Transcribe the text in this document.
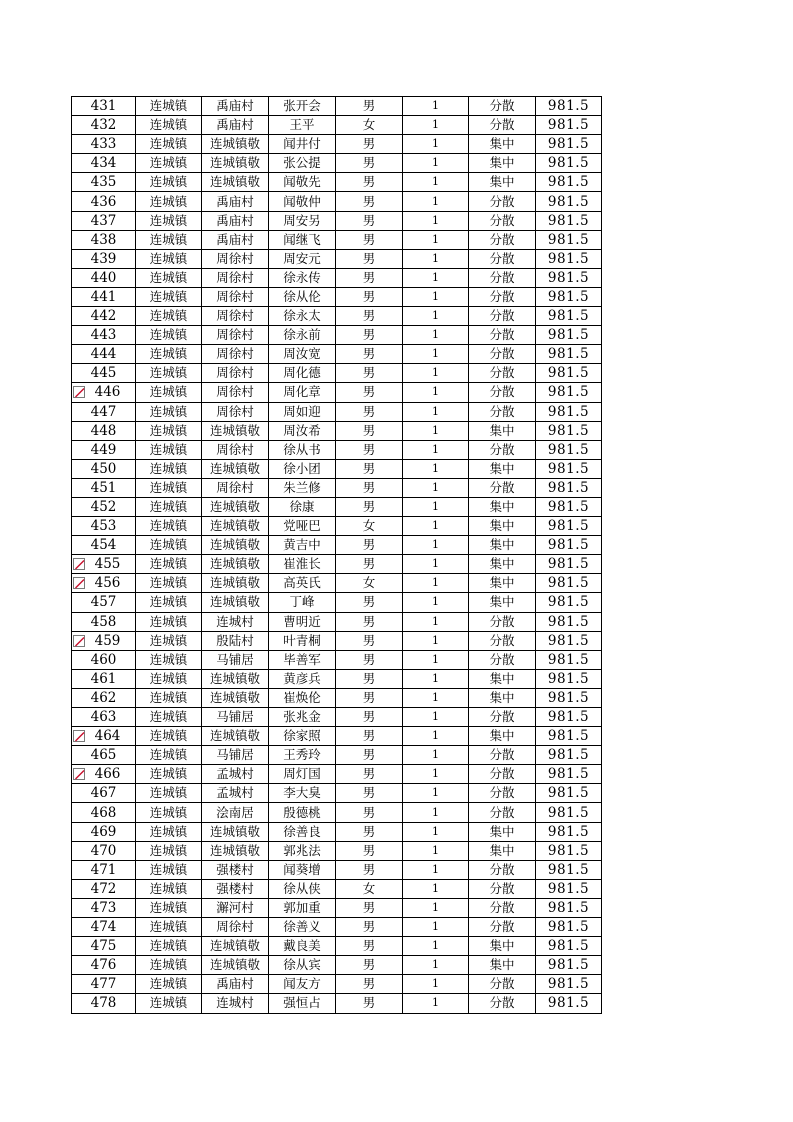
431	连城镇	禹庙村	张开会	男	1	分散	981.5
432	连城镇	禹庙村	王平	女	1	分散	981.5
433	连城镇	连城镇敬	闻井付	男	1	集中	981.5
434	连城镇	连城镇敬	张公提	男	1	集中	981.5
435	连城镇	连城镇敬	闻敬先	男	1	集中	981.5
436	连城镇	禹庙村	闻敬仲	男	1	分散	981.5
437	连城镇	禹庙村	周安另	男	1	分散	981.5
438	连城镇	禹庙村	闻继飞	男	1	分散	981.5
439	连城镇	周徐村	周安元	男	1	分散	981.5
440	连城镇	周徐村	徐永传	男	1	分散	981.5
441	连城镇	周徐村	徐从伦	男	1	分散	981.5
442	连城镇	周徐村	徐永太	男	1	分散	981.5
443	连城镇	周徐村	徐永前	男	1	分散	981.5
444	连城镇	周徐村	周汝宽	男	1	分散	981.5
445	连城镇	周徐村	周化德	男	1	分散	981.5

446	连城镇	周徐村	周化章	男	1	分散	981.5
447	连城镇	周徐村	周如迎	男	1	分散	981.5
448	连城镇	连城镇敬	周汝希	男	1	集中	981.5
449	连城镇	周徐村	徐从书	男	1	分散	981.5
450	连城镇	连城镇敬	徐小团	男	1	集中	981.5
451	连城镇	周徐村	朱兰修	男	1	分散	981.5
452	连城镇	连城镇敬	徐康	男	1	集中	981.5
453	连城镇	连城镇敬	党哑巴	女	1	集中	981.5
454	连城镇	连城镇敬	黄吉中	男	1	集中	981.5

455	连城镇	连城镇敬	崔淮长	男	1	集中	981.5

456	连城镇	连城镇敬	高英氏	女	1	集中	981.5
457	连城镇	连城镇敬	丁峰	男	1	集中	981.5
458	连城镇	连城村	曹明近	男	1	分散	981.5

459	连城镇	殷陆村	叶青桐	男	1	分散	981.5
460	连城镇	马铺居	毕善军	男	1	分散	981.5
461	连城镇	连城镇敬	黄彦兵	男	1	集中	981.5
462	连城镇	连城镇敬	崔焕伦	男	1	集中	981.5
463	连城镇	马铺居	张兆金	男	1	分散	981.5

464	连城镇	连城镇敬	徐家照	男	1	集中	981.5
465	连城镇	马铺居	王秀玲	男	1	分散	981.5

466	连城镇	孟城村	周灯国	男	1	分散	981.5
467	连城镇	孟城村	李大臭	男	1	分散	981.5
468	连城镇	浍南居	殷德桃	男	1	分散	981.5
469	连城镇	连城镇敬	徐善良	男	1	集中	981.5
470	连城镇	连城镇敬	郭兆法	男	1	集中	981.5
471	连城镇	强楼村	闻葵增	男	1	分散	981.5
472	连城镇	强楼村	徐从侠	女	1	分散	981.5
473	连城镇	澥河村	郭加重	男	1	分散	981.5
474	连城镇	周徐村	徐善义	男	1	分散	981.5
475	连城镇	连城镇敬	戴良美	男	1	集中	981.5
476	连城镇	连城镇敬	徐从宾	男	1	集中	981.5
477	连城镇	禹庙村	闻友方	男	1	分散	981.5
478	连城镇	连城村	强恒占	男	1	分散	981.5
